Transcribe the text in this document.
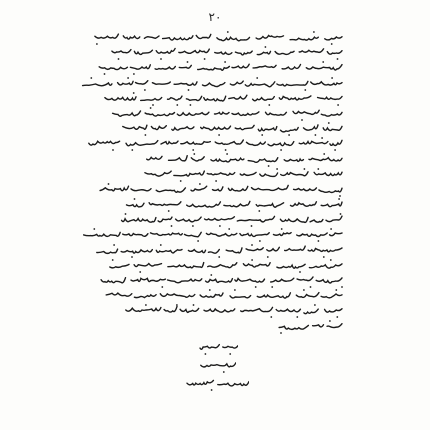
۲۰
